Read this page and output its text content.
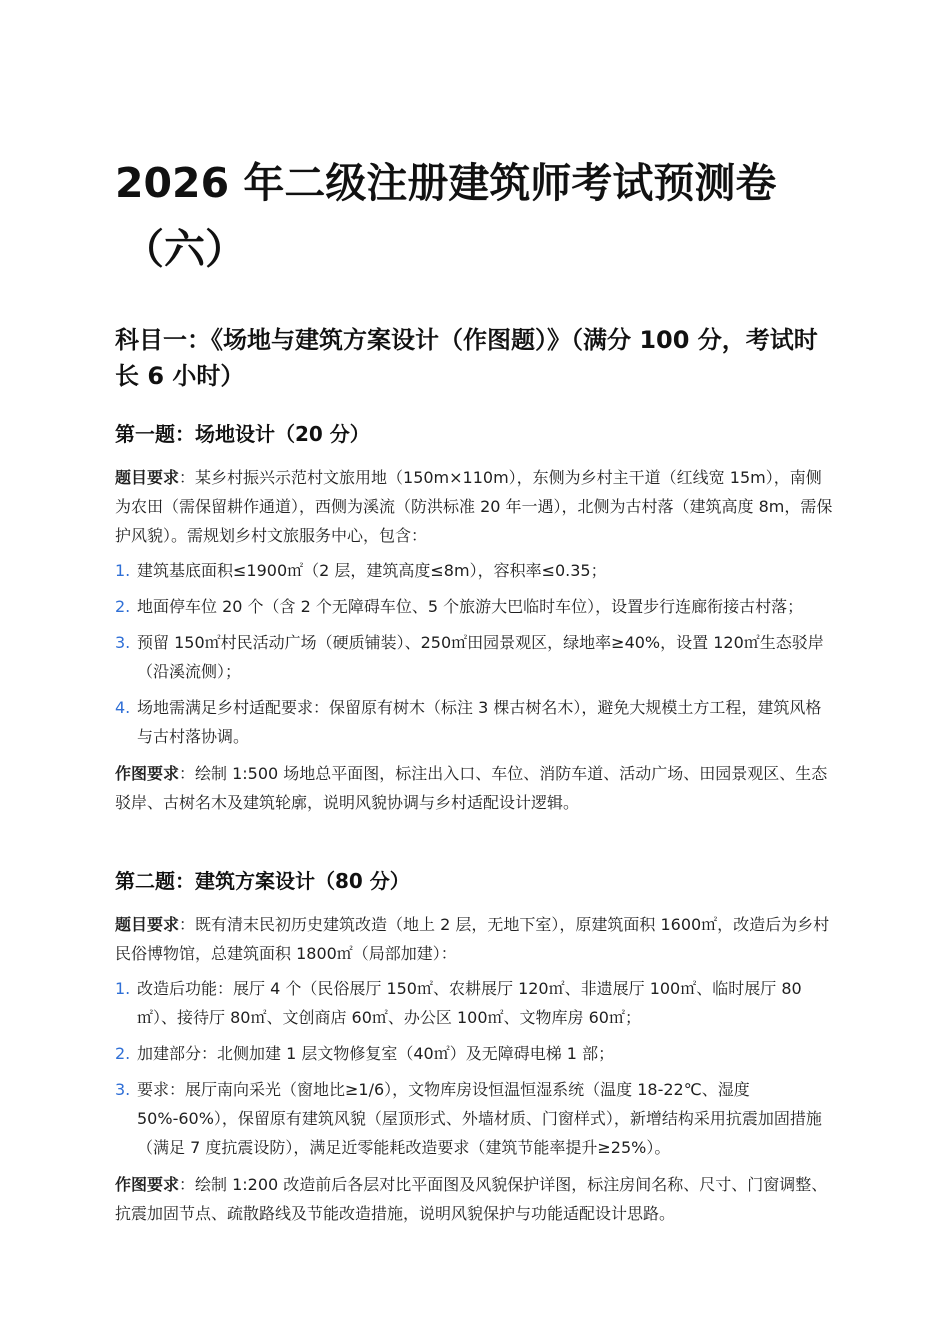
2026 年二级注册建筑师考试预测卷
（六）
科目一：《场地与建筑方案设计（作图题）》（满分 100 分，考试时长 6 小时）
第一题：场地设计（20 分）

题目要求：某乡村振兴示范村文旅用地（150m×110m），东侧为乡村主干道（红线宽 15m），南侧为农田（需保留耕作通道），西侧为溪流（防洪标准 20 年一遇），北侧为古村落（建筑高度 8m，需保护风貌）。需规划乡村文旅服务中心，包含：

1. 建筑基底面积≤1900㎡（2 层，建筑高度≤8m），容积率≤0.35；
2. 地面停车位 20 个（含 2 个无障碍车位、5 个旅游大巴临时车位），设置步行连廊衔接古村落；
3. 预留 150㎡村民活动广场（硬质铺装）、250㎡田园景观区，绿地率≥40%，设置 120㎡生态驳岸（沿溪流侧）；
4. 场地需满足乡村适配要求：保留原有树木（标注 3 棵古树名木），避免大规模土方工程，建筑风格与古村落协调。

作图要求：绘制 1:500 场地总平面图，标注出入口、车位、消防车道、活动广场、田园景观区、生态驳岸、古树名木及建筑轮廓，说明风貌协调与乡村适配设计逻辑。

第二题：建筑方案设计（80 分）

题目要求：既有清末民初历史建筑改造（地上 2 层，无地下室），原建筑面积 1600㎡，改造后为乡村民俗博物馆，总建筑面积 1800㎡（局部加建）：

1. 改造后功能：展厅 4 个（民俗展厅 150㎡、农耕展厅 120㎡、非遗展厅 100㎡、临时展厅 80㎡）、接待厅 80㎡、文创商店 60㎡、办公区 100㎡、文物库房 60㎡；
2. 加建部分：北侧加建 1 层文物修复室（40㎡）及无障碍电梯 1 部；
3. 要求：展厅南向采光（窗地比≥1/6），文物库房设恒温恒湿系统（温度 18-22℃、湿度 50%-60%），保留原有建筑风貌（屋顶形式、外墙材质、门窗样式），新增结构采用抗震加固措施（满足 7 度抗震设防），满足近零能耗改造要求（建筑节能率提升≥25%）。

作图要求：绘制 1:200 改造前后各层对比平面图及风貌保护详图，标注房间名称、尺寸、门窗调整、抗震加固节点、疏散路线及节能改造措施，说明风貌保护与功能适配设计思路。
